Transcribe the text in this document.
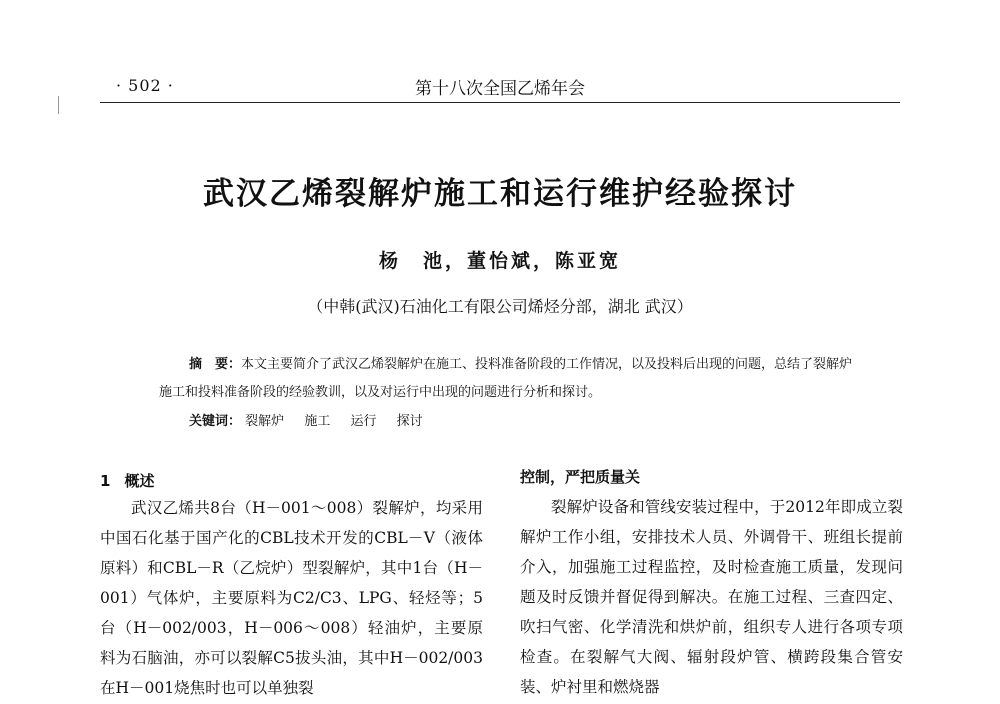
· 502 ·	第十八次全国乙烯年会
武汉乙烯裂解炉施工和运行维护经验探讨
杨　池，董怡斌，陈亚宽
（中韩(武汉)石油化工有限公司烯烃分部，湖北 武汉）
摘　要：本文主要简介了武汉乙烯裂解炉在施工、投料准备阶段的工作情况，以及投料后出现的问题，总结了裂解炉施工和投料准备阶段的经验教训，以及对运行中出现的问题进行分析和探讨。
关键词： 裂解炉 施工 运行 探讨
1 概述

武汉乙烯共8台（H－001～008）裂解炉，均采用中国石化基于国产化的CBL技术开发的CBL－Ⅴ（液体原料）和CBL－R（乙烷炉）型裂解炉，其中1台（H－001）气体炉，主要原料为C2/C3、LPG、轻烃等；5台（H－002/003，H－006～008）轻油炉，主要原料为石脑油，亦可以裂解C5拔头油，其中H－002/003在H－001烧焦时也可以单独裂

控制，严把质量关

裂解炉设备和管线安装过程中，于2012年即成立裂解炉工作小组，安排技术人员、外调骨干、班组长提前介入，加强施工过程监控，及时检查施工质量，发现问题及时反馈并督促得到解决。在施工过程、三查四定、吹扫气密、化学清洗和烘炉前，组织专人进行各项专项检查。在裂解气大阀、辐射段炉管、横跨段集合管安装、炉衬里和燃烧器
